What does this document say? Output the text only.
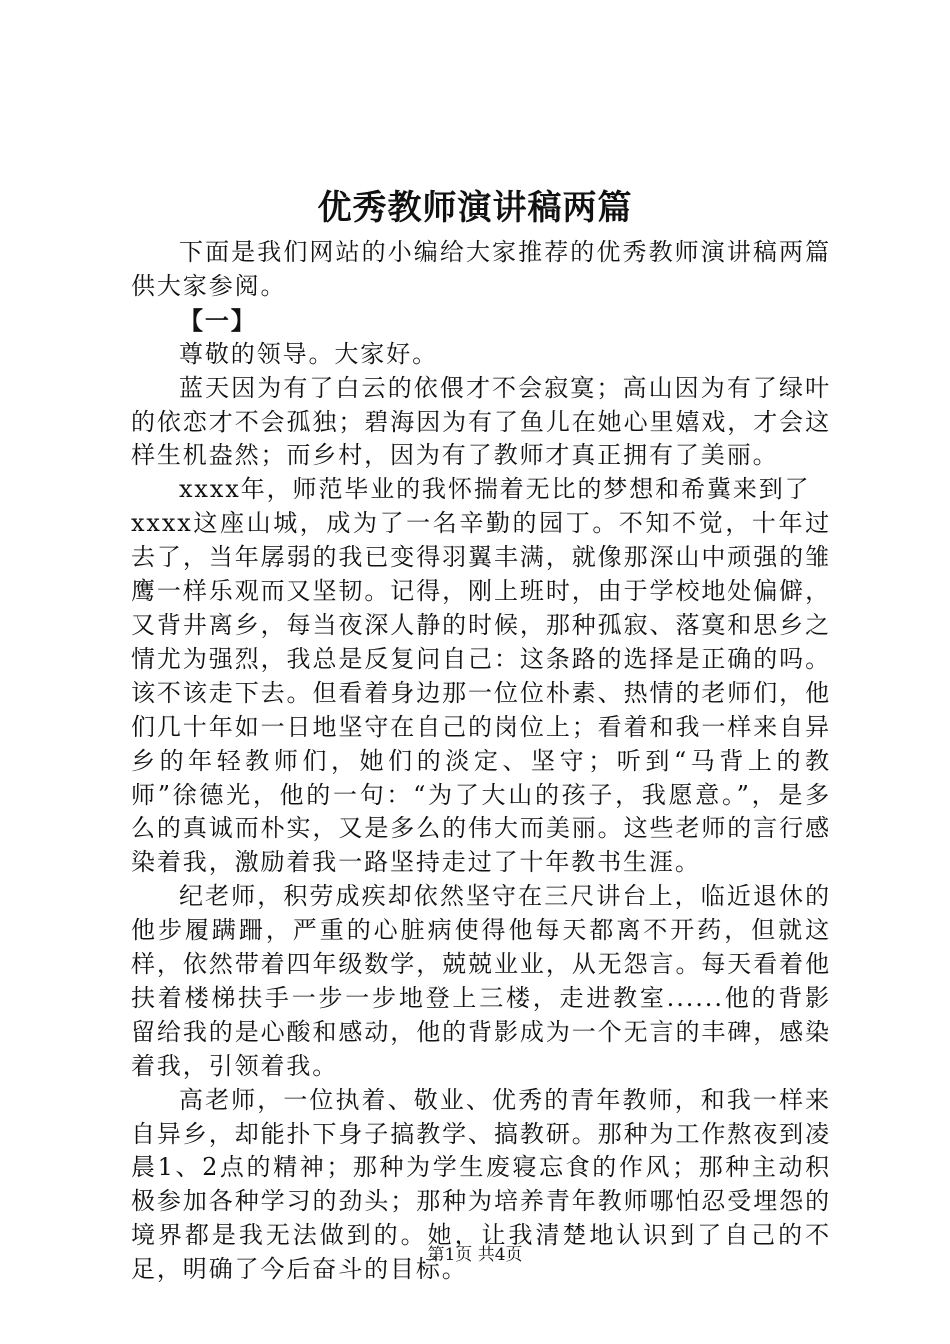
优秀教师演讲稿两篇

下面是我们网站的小编给大家推荐的优秀教师演讲稿两篇供大家参阅。

【一】

尊敬的领导。大家好。

蓝天因为有了白云的依偎才不会寂寞；高山因为有了绿叶的依恋才不会孤独；碧海因为有了鱼儿在她心里嬉戏，才会这样生机盎然；而乡村，因为有了教师才真正拥有了美丽。

xxxx年，师范毕业的我怀揣着无比的梦想和希冀来到了
xxxx这座山城，成为了一名辛勤的园丁。不知不觉，十年过去了，当年孱弱的我已变得羽翼丰满，就像那深山中顽强的雏鹰一样乐观而又坚韧。记得，刚上班时，由于学校地处偏僻，又背井离乡，每当夜深人静的时候，那种孤寂、落寞和思乡之情尤为强烈，我总是反复问自己：这条路的选择是正确的吗。该不该走下去。但看着身边那一位位朴素、热情的老师们，他们几十年如一日地坚守在自己的岗位上；看着和我一样来自异乡的年轻教师们，她们的淡定、坚守；听到“马背上的教师”徐德光，他的一句：“为了大山的孩子，我愿意。”，是多么的真诚而朴实，又是多么的伟大而美丽。这些老师的言行感染着我，激励着我一路坚持走过了十年教书生涯。

纪老师，积劳成疾却依然坚守在三尺讲台上，临近退休的他步履蹒跚，严重的心脏病使得他每天都离不开药，但就这样，依然带着四年级数学，兢兢业业，从无怨言。每天看着他扶着楼梯扶手一步一步地登上三楼，走进教室......他的背影留给我的是心酸和感动，他的背影成为一个无言的丰碑，感染着我，引领着我。

高老师，一位执着、敬业、优秀的青年教师，和我一样来自异乡，却能扑下身子搞教学、搞教研。那种为工作熬夜到凌晨1、2点的精神；那种为学生废寝忘食的作风；那种主动积极参加各种学习的劲头；那种为培养青年教师哪怕忍受埋怨的境界都是我无法做到的。她，让我清楚地认识到了自己的不足，明确了今后奋斗的目标。

第1页 共4页
